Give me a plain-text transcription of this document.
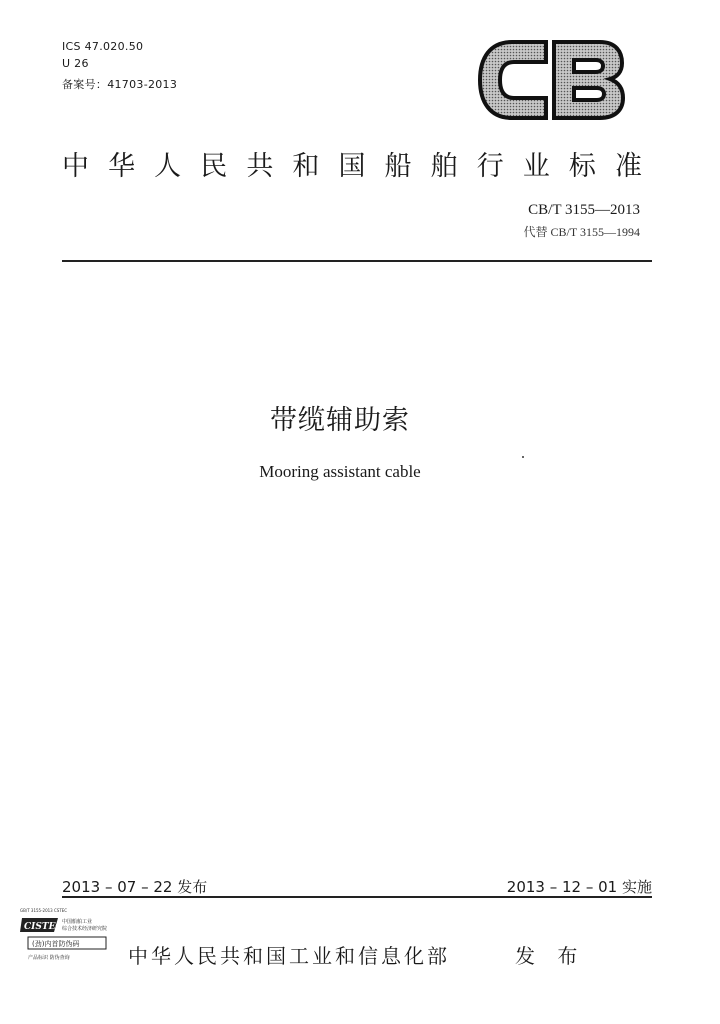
ICS 47.020.50
U 26
备案号：41703-2013
中 华 人 民 共 和 国 船 舶 行 业 标 准
CB/T 3155—2013
代替 CB/T 3155—1994
带缆辅助索
Mooring assistant cable
2013 – 07 – 22 发布	2013 – 12 – 01 实施
GB/T 3155-2013 CSTEC
CISTEC 中国船舶工业
综合技术经济研究院
(劲)内首防伪码
产品标识 防伪查询	中华人民共和国工业和信息化部	发 布
